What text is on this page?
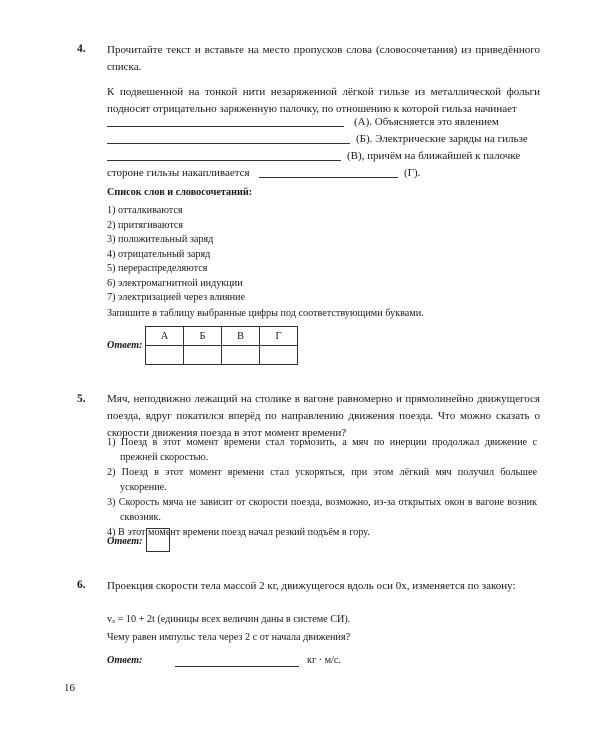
4. Прочитайте текст и вставьте на место пропусков слова (словосочетания) из приведённого списка.
К подвешенной на тонкой нити незаряженной лёгкой гильзе из металлической фольги подносят отрицательно заряженную палочку, по отношению к которой гильза начинает
(А). Объясняется это явлением
(Б). Электрические заряды на гильзе
(В), причём на ближайшей к палочке
стороне гильзы накапливается	(Г).
Список слов и словосочетаний:
1) отталкиваются
2) притягиваются
3) положительный заряд
4) отрицательный заряд
5) перераспределяются
6) электромагнитной индукции
7) электризацией через влияние
Запишите в таблицу выбранные цифры под соответствующими буквами.
Ответ:
А	Б	В	Г

5. Мяч, неподвижно лежащий на столике в вагоне равномерно и прямолинейно движущегося поезда, вдруг покатился вперёд по направлению движения поезда. Что можно сказать о скорости движения поезда в этот момент времени?
1) Поезд в этот момент времени стал тормозить, а мяч по инерции продолжал движение с прежней скоростью.
2) Поезд в этот момент времени стал ускоряться, при этом лёгкий мяч получил большее ускорение.
3) Скорость мяча не зависит от скорости поезда, возможно, из-за открытых окон в вагоне возник сквозняк.
4) В этот момент времени поезд начал резкий подъём в гору.
Ответ:
6. Проекция скорости тела массой 2 кг, движущегося вдоль оси 0x, изменяется по закону:
vₓ = 10 + 2t (единицы всех величин даны в системе СИ).
Чему равен импульс тела через 2 с от начала движения?
Ответ:	кг · м/с.
16
